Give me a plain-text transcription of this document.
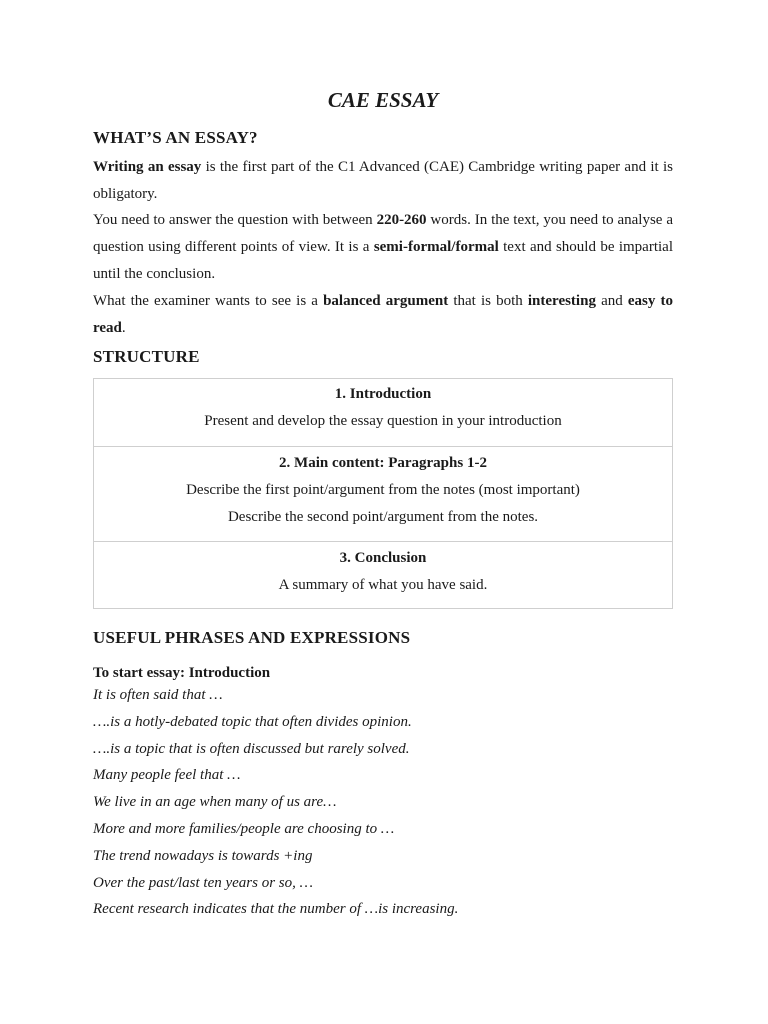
CAE ESSAY
WHAT’S AN ESSAY?

Writing an essay is the first part of the C1 Advanced (CAE) Cambridge writing paper and it is obligatory.

You need to answer the question with between 220-260 words. In the text, you need to analyse a question using different points of view. It is a semi-formal/formal text and should be impartial until the conclusion.

What the examiner wants to see is a balanced argument that is both interesting and easy to read.

STRUCTURE
1. Introduction
Present and develop the essay question in your introduction
2. Main content: Paragraphs 1-2
Describe the first point/argument from the notes (most important)
Describe the second point/argument from the notes.
3. Conclusion
A summary of what you have said.
USEFUL PHRASES AND EXPRESSIONS
To start essay: Introduction
It is often said that …
….is a hotly-debated topic that often divides opinion.
….is a topic that is often discussed but rarely solved.
Many people feel that …
We live in an age when many of us are…
More and more families/people are choosing to …
The trend nowadays is towards +ing
Over the past/last ten years or so, …
Recent research indicates that the number of …is increasing.
